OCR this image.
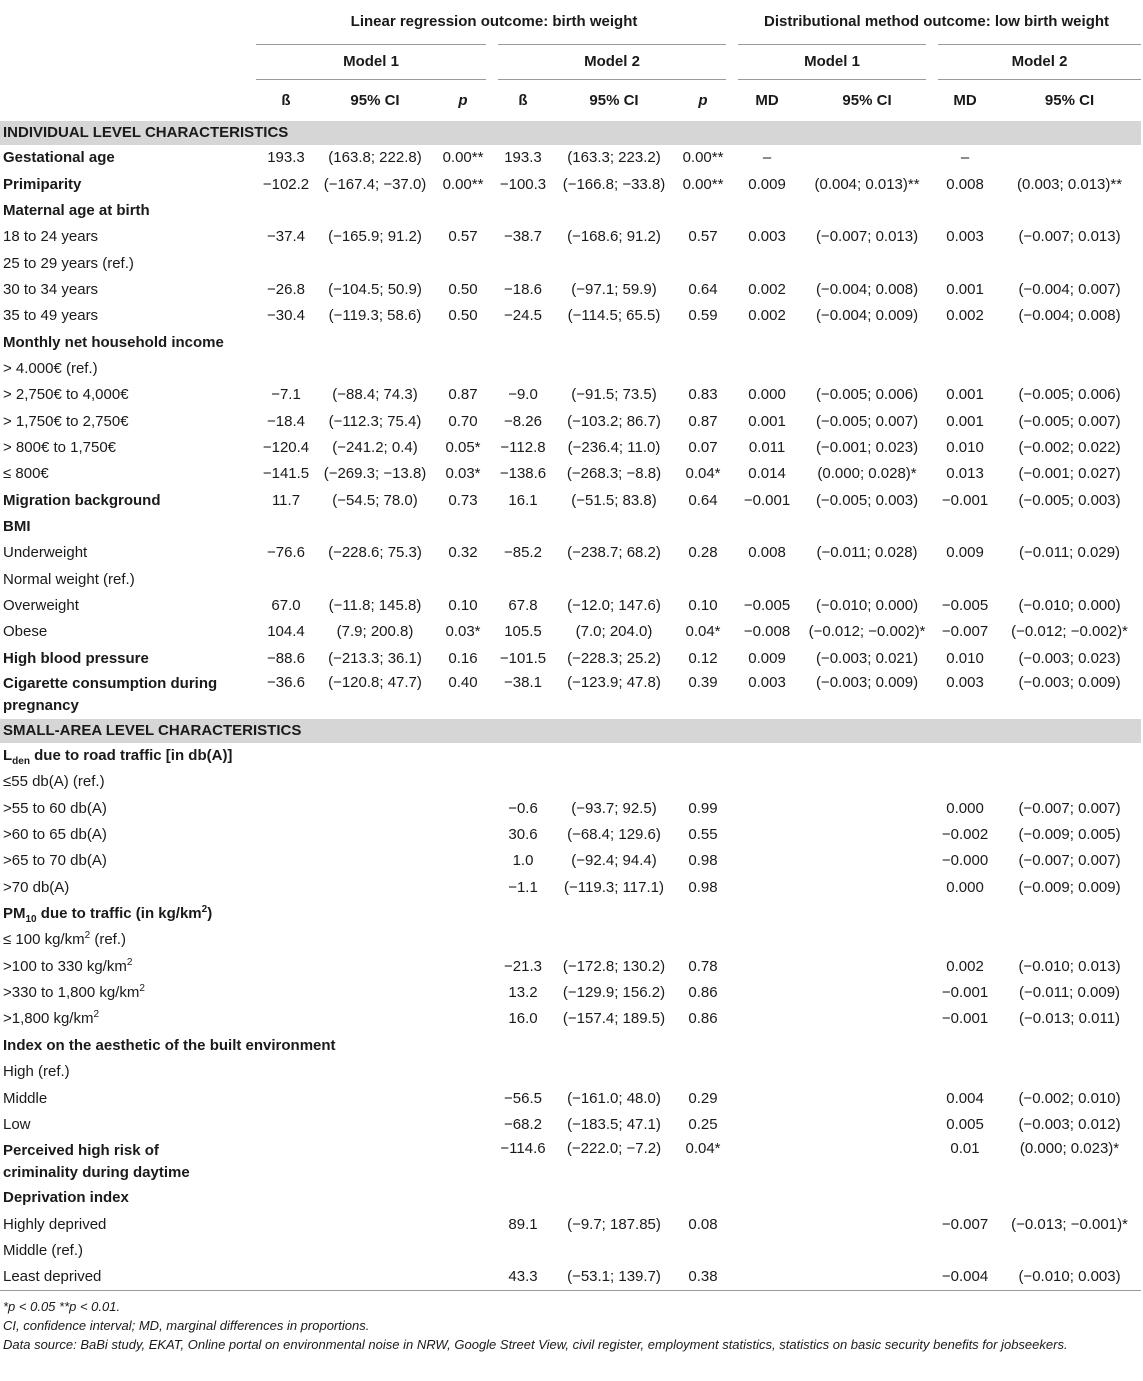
	Linear regression outcome: birth weight						Distributional method outcome: low birth weight			
	Model 1			Model 2			Model 1		Model 2	
	ß	95% CI	p	ß	95% CI	p	MD	95% CI	MD	95% CI
INDIVIDUAL LEVEL CHARACTERISTICS										
Gestational age	193.3	(163.8; 222.8)	0.00**	193.3	(163.3; 223.2)	0.00**	–		–	
Primiparity	−102.2	(−167.4; −37.0)	0.00**	−100.3	(−166.8; −33.8)	0.00**	0.009	(0.004; 0.013)**	0.008	(0.003; 0.013)**
Maternal age at birth										
18 to 24 years	−37.4	(−165.9; 91.2)	0.57	−38.7	(−168.6; 91.2)	0.57	0.003	(−0.007; 0.013)	0.003	(−0.007; 0.013)
25 to 29 years (ref.)										
30 to 34 years	−26.8	(−104.5; 50.9)	0.50	−18.6	(−97.1; 59.9)	0.64	0.002	(−0.004; 0.008)	0.001	(−0.004; 0.007)
35 to 49 years	−30.4	(−119.3; 58.6)	0.50	−24.5	(−114.5; 65.5)	0.59	0.002	(−0.004; 0.009)	0.002	(−0.004; 0.008)
Monthly net household income										
> 4.000€ (ref.)										
> 2,750€ to 4,000€	−7.1	(−88.4; 74.3)	0.87	−9.0	(−91.5; 73.5)	0.83	0.000	(−0.005; 0.006)	0.001	(−0.005; 0.006)
> 1,750€ to 2,750€	−18.4	(−112.3; 75.4)	0.70	−8.26	(−103.2; 86.7)	0.87	0.001	(−0.005; 0.007)	0.001	(−0.005; 0.007)
> 800€ to 1,750€	−120.4	(−241.2; 0.4)	0.05*	−112.8	(−236.4; 11.0)	0.07	0.011	(−0.001; 0.023)	0.010	(−0.002; 0.022)
≤ 800€	−141.5	(−269.3; −13.8)	0.03*	−138.6	(−268.3; −8.8)	0.04*	0.014	(0.000; 0.028)*	0.013	(−0.001; 0.027)
Migration background	11.7	(−54.5; 78.0)	0.73	16.1	(−51.5; 83.8)	0.64	−0.001	(−0.005; 0.003)	−0.001	(−0.005; 0.003)
BMI										
Underweight	−76.6	(−228.6; 75.3)	0.32	−85.2	(−238.7; 68.2)	0.28	0.008	(−0.011; 0.028)	0.009	(−0.011; 0.029)
Normal weight (ref.)										
Overweight	67.0	(−11.8; 145.8)	0.10	67.8	(−12.0; 147.6)	0.10	−0.005	(−0.010; 0.000)	−0.005	(−0.010; 0.000)
Obese	104.4	(7.9; 200.8)	0.03*	105.5	(7.0; 204.0)	0.04*	−0.008	(−0.012; −0.002)*	−0.007	(−0.012; −0.002)*
High blood pressure	−88.6	(−213.3; 36.1)	0.16	−101.5	(−228.3; 25.2)	0.12	0.009	(−0.003; 0.021)	0.010	(−0.003; 0.023)

Cigarette consumption during
pregnancy	−36.6	(−120.8; 47.7)	0.40	−38.1	(−123.9; 47.8)	0.39	0.003	(−0.003; 0.009)	0.003	(−0.003; 0.009)
SMALL-AREA LEVEL CHARACTERISTICS										
$L_{den}$ due to road traffic [in db(A)]										
≤55 db(A) (ref.)										
>55 to 60 db(A)				−0.6	(−93.7; 92.5)	0.99			0.000	(−0.007; 0.007)
>60 to 65 db(A)				30.6	(−68.4; 129.6)	0.55			−0.002	(−0.009; 0.005)
>65 to 70 db(A)				1.0	(−92.4; 94.4)	0.98			−0.000	(−0.007; 0.007)
>70 db(A)				−1.1	(−119.3; 117.1)	0.98			0.000	(−0.009; 0.009)
$PM_{10}$ due to traffic (in $kg/km^2$)										
≤ 100 $kg/km^2$ (ref.)										
>100 to 330 $kg/km^2$				−21.3	(−172.8; 130.2)	0.78			0.002	(−0.010; 0.013)
>330 to 1,800 $kg/km^2$				13.2	(−129.9; 156.2)	0.86			−0.001	(−0.011; 0.009)
>1,800 $kg/km^2$				16.0	(−157.4; 189.5)	0.86			−0.001	(−0.013; 0.011)
Index on the aesthetic of the built environment										
High (ref.)										
Middle				−56.5	(−161.0; 48.0)	0.29			0.004	(−0.002; 0.010)
Low				−68.2	(−183.5; 47.1)	0.25			0.005	(−0.003; 0.012)

Perceived high risk of
criminality during daytime				−114.6	(−222.0; −7.2)	0.04*			0.01	(0.000; 0.023)*
Deprivation index										
Highly deprived				89.1	(−9.7; 187.85)	0.08			−0.007	(−0.013; −0.001)*
Middle (ref.)										
Least deprived				43.3	(−53.1; 139.7)	0.38			−0.004	(−0.010; 0.003)
*p < 0.05 **p < 0.01.
CI, confidence interval; MD, marginal differences in proportions.
Data source: BaBi study, EKAT, Online portal on environmental noise in NRW, Google Street View, civil register, employment statistics, statistics on basic security benefits for jobseekers.
